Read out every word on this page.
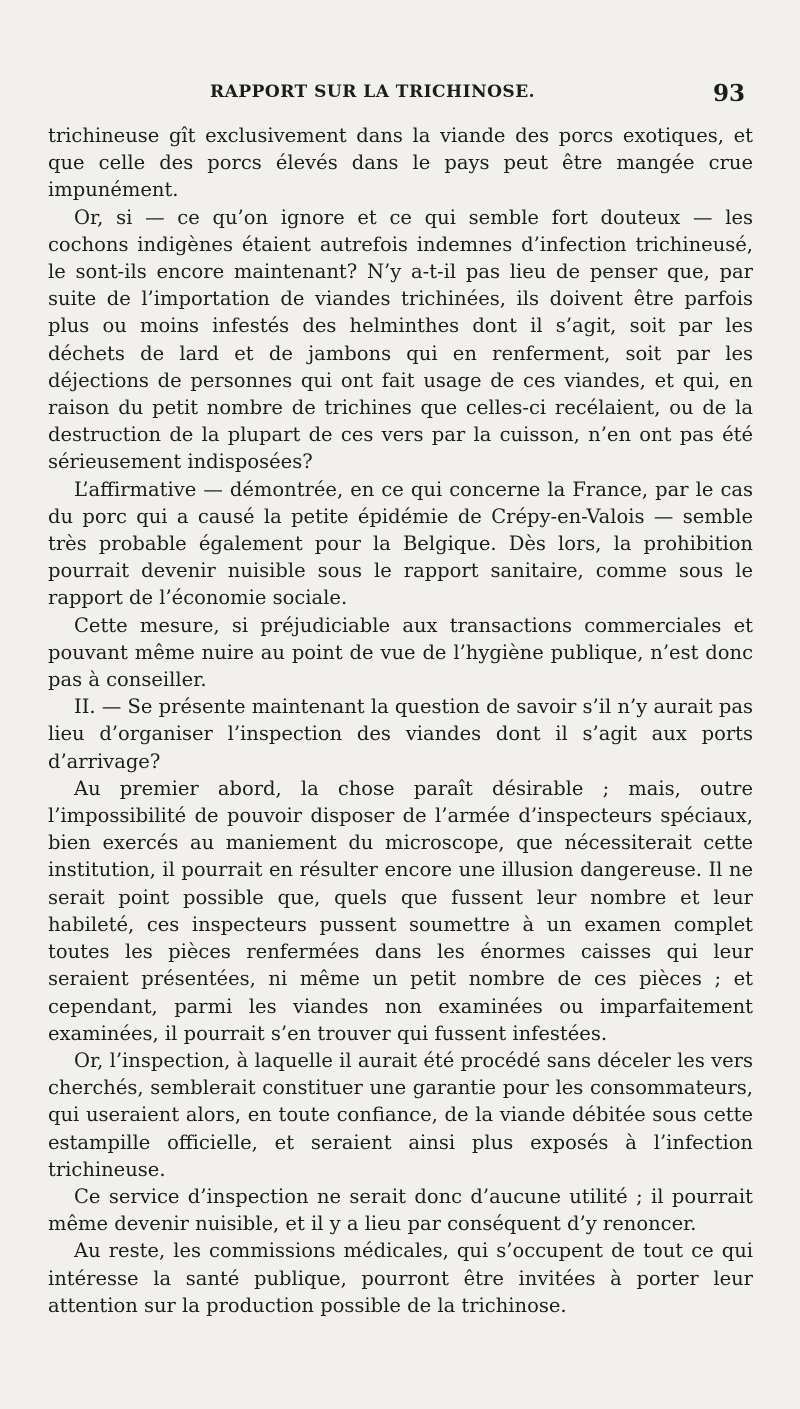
RAPPORT SUR LA TRICHINOSE.	93

trichineuse gît exclusivement dans la viande des porcs exotiques, et que celle des porcs élevés dans le pays peut être mangée crue impunément.

Or, si — ce qu’on ignore et ce qui semble fort douteux — les cochons indigènes étaient autrefois indemnes d’infection trichineusé, le sont-ils encore maintenant? N’y a-t-il pas lieu de penser que, par suite de l’importation de viandes trichinées, ils doivent être parfois plus ou moins infestés des helminthes dont il s’agit, soit par les déchets de lard et de jambons qui en renferment, soit par les déjections de personnes qui ont fait usage de ces viandes, et qui, en raison du petit nombre de trichines que celles-ci recélaient, ou de la destruction de la plupart de ces vers par la cuisson, n’en ont pas été sérieusement indisposées?

L’affirmative — démontrée, en ce qui concerne la France, par le cas du porc qui a causé la petite épidémie de Crépy-en-Valois — semble très probable également pour la Belgique. Dès lors, la prohibition pourrait devenir nuisible sous le rapport sanitaire, comme sous le rapport de l’économie sociale.

Cette mesure, si préjudiciable aux transactions commerciales et pouvant même nuire au point de vue de l’hygiène publique, n’est donc pas à conseiller.

II. — Se présente maintenant la question de savoir s’il n’y aurait pas lieu d’organiser l’inspection des viandes dont il s’agit aux ports d’arrivage?

Au premier abord, la chose paraît désirable ; mais, outre l’impossibilité de pouvoir disposer de l’armée d’inspecteurs spéciaux, bien exercés au maniement du microscope, que nécessiterait cette institution, il pourrait en résulter encore une illusion dangereuse. Il ne serait point possible que, quels que fussent leur nombre et leur habileté, ces inspecteurs pussent soumettre à un examen complet toutes les pièces renfermées dans les énormes caisses qui leur seraient présentées, ni même un petit nombre de ces pièces ; et cependant, parmi les viandes non examinées ou imparfaitement examinées, il pourrait s’en trouver qui fussent infestées.

Or, l’inspection, à laquelle il aurait été procédé sans déceler les vers cherchés, semblerait constituer une garantie pour les consommateurs, qui useraient alors, en toute confiance, de la viande débitée sous cette estampille officielle, et seraient ainsi plus exposés à l’infection trichineuse.

Ce service d’inspection ne serait donc d’aucune utilité ; il pourrait même devenir nuisible, et il y a lieu par conséquent d’y renoncer.

Au reste, les commissions médicales, qui s’occupent de tout ce qui intéresse la santé publique, pourront être invitées à porter leur attention sur la production possible de la trichinose.
